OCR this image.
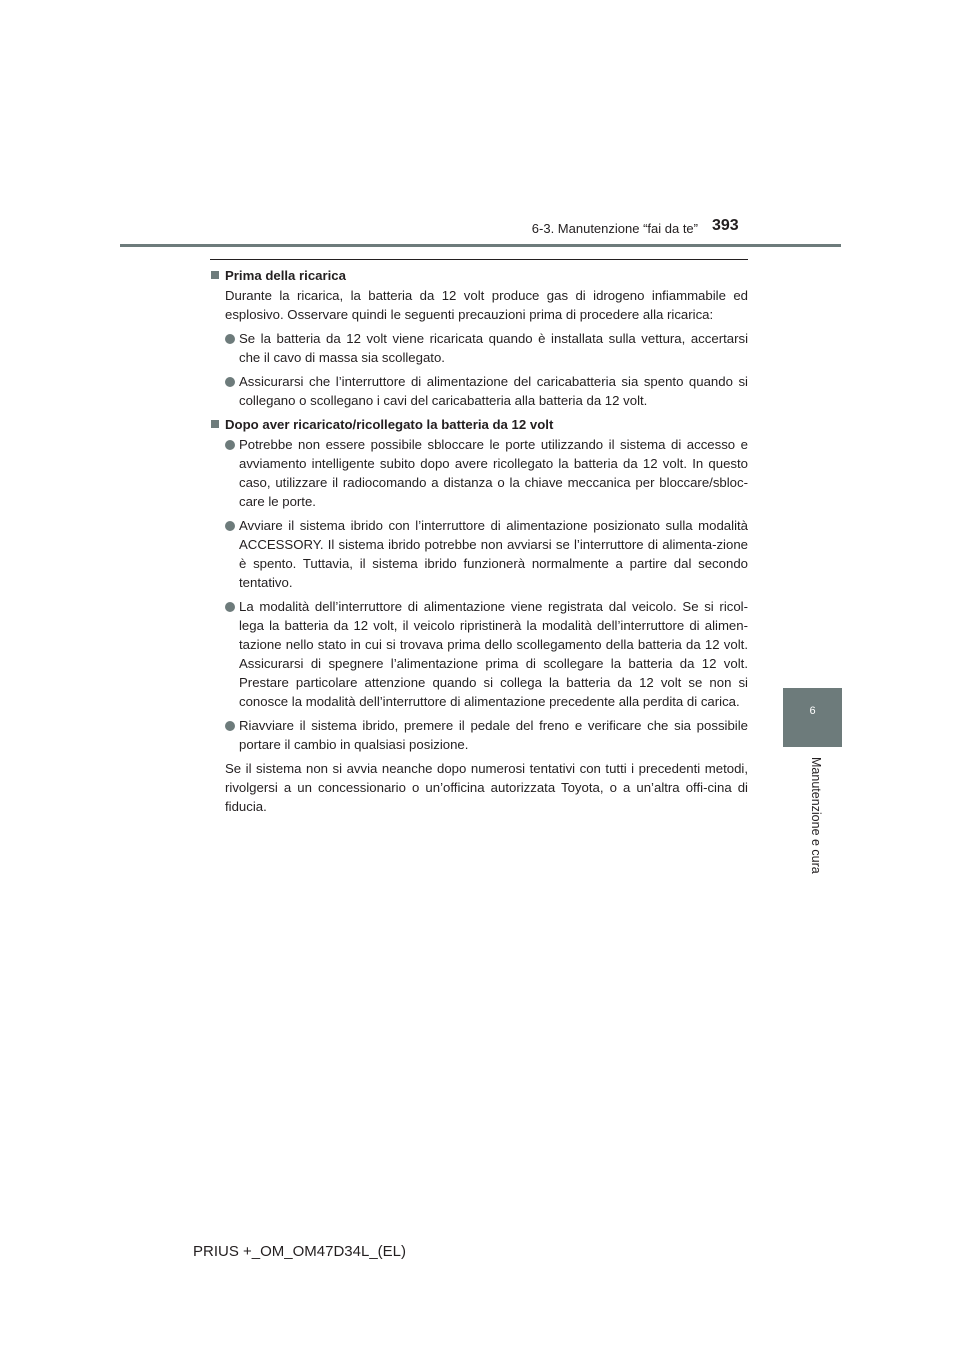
6-3. Manutenzione “fai da te” 393
6
Manutenzione e cura
Prima della ricarica
Durante la ricarica, la batteria da 12 volt produce gas di idrogeno infiammabile ed esplosivo. Osservare quindi le seguenti precauzioni prima di procedere alla ricarica:
Se la batteria da 12 volt viene ricaricata quando è installata sulla vettura, accertarsi che il cavo di massa sia scollegato.
Assicurarsi che l’interruttore di alimentazione del caricabatteria sia spento quando si collegano o scollegano i cavi del caricabatteria alla batteria da 12 volt.
Dopo aver ricaricato/ricollegato la batteria da 12 volt
Potrebbe non essere possibile sbloccare le porte utilizzando il sistema di accesso e avviamento intelligente subito dopo avere ricollegato la batteria da 12 volt. In questo caso, utilizzare il radiocomando a distanza o la chiave meccanica per bloccare/sbloc-care le porte.
Avviare il sistema ibrido con l’interruttore di alimentazione posizionato sulla modalità ACCESSORY. Il sistema ibrido potrebbe non avviarsi se l’interruttore di alimenta-zione è spento. Tuttavia, il sistema ibrido funzionerà normalmente a partire dal secondo tentativo.
La modalità dell’interruttore di alimentazione viene registrata dal veicolo. Se si ricol-lega la batteria da 12 volt, il veicolo ripristinerà la modalità dell’interruttore di alimen-tazione nello stato in cui si trovava prima dello scollegamento della batteria da 12 volt. Assicurarsi di spegnere l’alimentazione prima di scollegare la batteria da 12 volt. Prestare particolare attenzione quando si collega la batteria da 12 volt se non si conosce la modalità dell’interruttore di alimentazione precedente alla perdita di carica.
Riavviare il sistema ibrido, premere il pedale del freno e verificare che sia possibile portare il cambio in qualsiasi posizione.
Se il sistema non si avvia neanche dopo numerosi tentativi con tutti i precedenti metodi, rivolgersi a un concessionario o un’officina autorizzata Toyota, o a un’altra offi-cina di fiducia.
PRIUS +_OM_OM47D34L_(EL)
